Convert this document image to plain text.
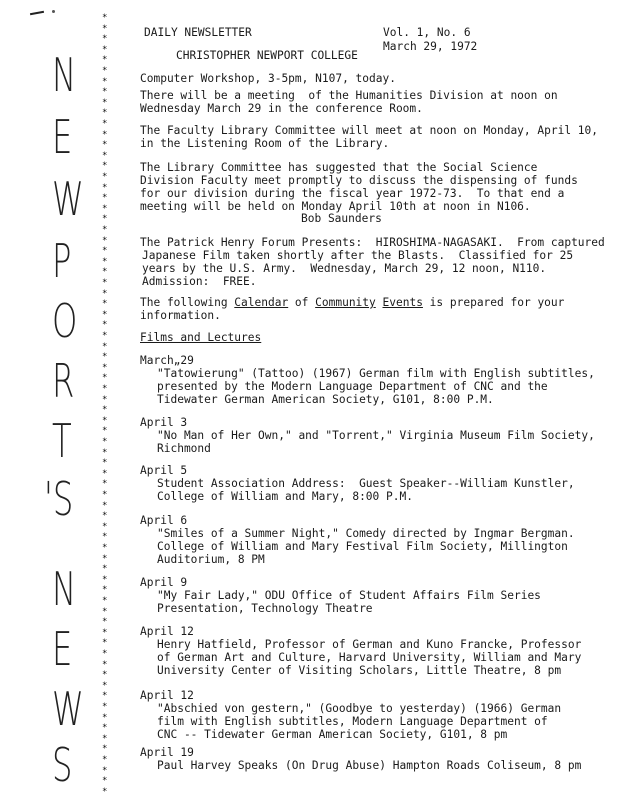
N
E
W
P
O
R
T
'S
N
E
W
S
*
*
*
*
*
*
*
*
*
*
*
*
*
*
*
*
*
*
*
*
*
*
*
*
*
*
*
*
*
*
*
*
*
*
*
*
*
*
*
*
*
*
*
*
*
*
*
*
*
*
*
*
*
*
*
*
*
*
*
*
*
*
*
*
*
*
*
*
*
*
*
*
*
*
DAILY NEWSLETTER	Vol. 1, No. 6
March 29, 1972
CHRISTOPHER NEWPORT COLLEGE
Computer Workshop, 3-5pm, N107, today.
There will be a meeting  of the Humanities Division at noon on
Wednesday March 29 in the conference Room.
The Faculty Library Committee will meet at noon on Monday, April 10,
in the Listening Room of the Library.
The Library Committee has suggested that the Social Science
Division Faculty meet promptly to discuss the dispensing of funds
for our division during the fiscal year 1972-73.  To that end a
meeting will be held on Monday April 10th at noon in N106.
Bob Saunders
The Patrick Henry Forum Presents:  HIROSHIMA-NAGASAKI.  From captured
Japanese Film taken shortly after the Blasts.  Classified for 25
years by the U.S. Army.  Wednesday, March 29, 12 noon, N110.
Admission:  FREE.
The following Calendar of Community Events is prepared for your
information.
Films and Lectures
March„29
"Tatowierung" (Tattoo) (1967) German film with English subtitles,
presented by the Modern Language Department of CNC and the
Tidewater German American Society, G101, 8:00 P.M.
April 3
"No Man of Her Own," and "Torrent," Virginia Museum Film Society,
Richmond
April 5
Student Association Address:  Guest Speaker--William Kunstler,
College of William and Mary, 8:00 P.M.
April 6
"Smiles of a Summer Night," Comedy directed by Ingmar Bergman.
College of William and Mary Festival Film Society, Millington
Auditorium, 8 PM
April 9
"My Fair Lady," ODU Office of Student Affairs Film Series
Presentation, Technology Theatre
April 12
Henry Hatfield, Professor of German and Kuno Francke, Professor
of German Art and Culture, Harvard University, William and Mary
University Center of Visiting Scholars, Little Theatre, 8 pm
April 12
"Abschied von gestern," (Goodbye to yesterday) (1966) German
film with English subtitles, Modern Language Department of
CNC -- Tidewater German American Society, G101, 8 pm
April 19
Paul Harvey Speaks (On Drug Abuse) Hampton Roads Coliseum, 8 pm
